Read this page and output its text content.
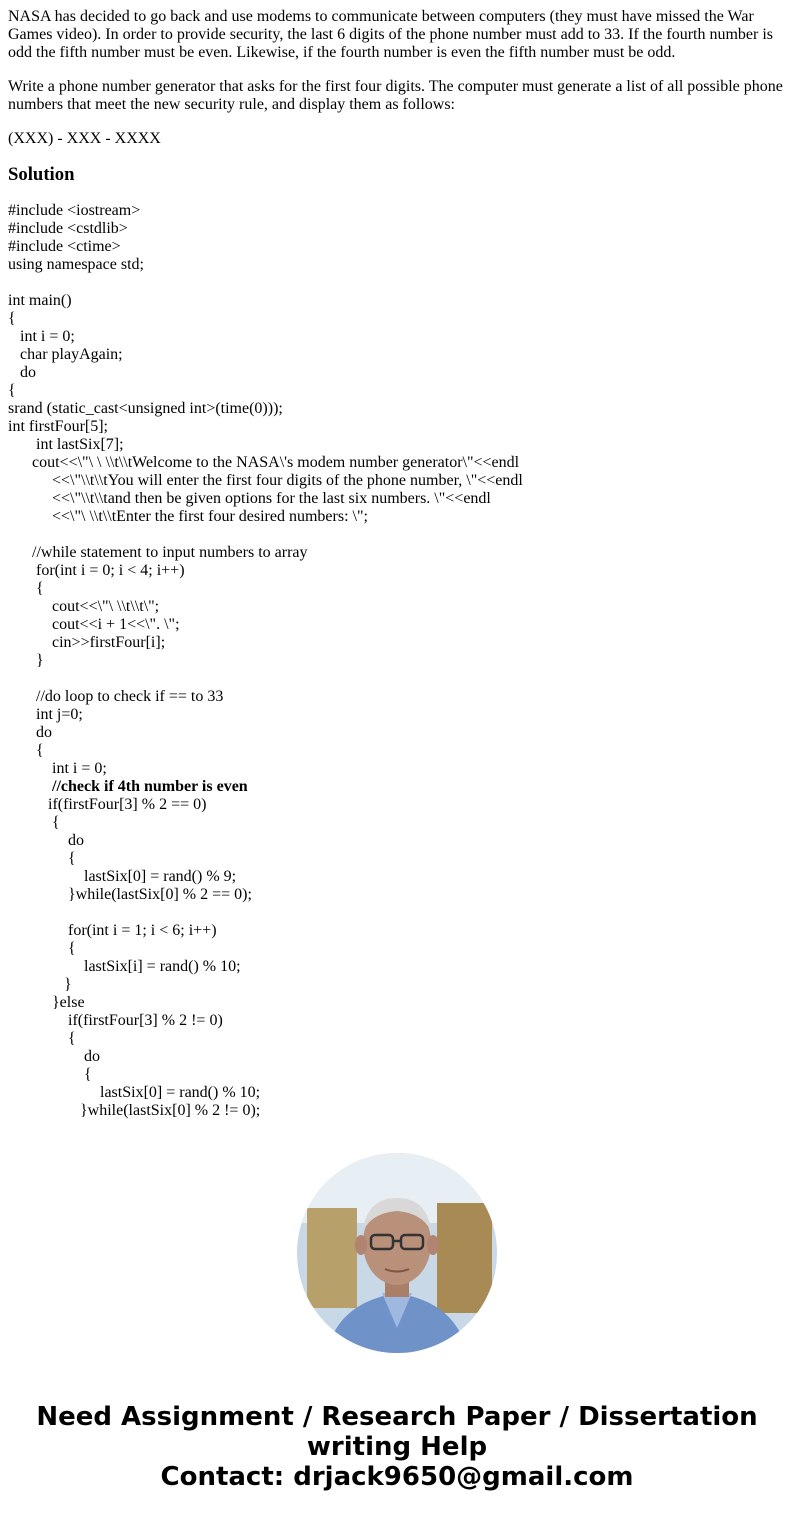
NASA has decided to go back and use modems to communicate between computers (they must have missed the War Games video). In order to provide security, the last 6 digits of the phone number must add to 33. If the fourth number is odd the fifth number must be even. Likewise, if the fourth number is even the fifth number must be odd.

Write a phone number generator that asks for the first four digits. The computer must generate a list of all possible phone numbers that meet the new security rule, and display them as follows:

(XXX) - XXX - XXXX

Solution
#include <iostream>
#include <cstdlib>
#include <ctime>
using namespace std;
int main()
{
int i = 0;
char playAgain;
do
{
srand (static_cast<unsigned int>(time(0)));
int firstFour[5];
int lastSix[7];
cout<<\"\ \ \\t\\tWelcome to the NASA\'s modem number generator\"<<endl
<<\"\\t\\tYou will enter the first four digits of the phone number, \"<<endl
<<\"\\t\\tand then be given options for the last six numbers. \"<<endl
<<\"\ \\t\\tEnter the first four desired numbers: \";
//while statement to input numbers to array
for(int i = 0; i < 4; i++)
{
cout<<\"\ \\t\\t\";
cout<<i + 1<<\". \";
cin>>firstFour[i];
}
//do loop to check if == to 33
int j=0;
do
{
int i = 0;
//check if 4th number is even
if(firstFour[3] % 2 == 0)
{
do
{
lastSix[0] = rand() % 9;
}while(lastSix[0] % 2 == 0);
for(int i = 1; i < 6; i++)
{
lastSix[i] = rand() % 10;
}
}else
if(firstFour[3] % 2 != 0)
{
do
{
lastSix[0] = rand() % 10;
}while(lastSix[0] % 2 != 0);
Need Assignment / Research Paper / Dissertation
writing Help
Contact: drjack9650@gmail.com
